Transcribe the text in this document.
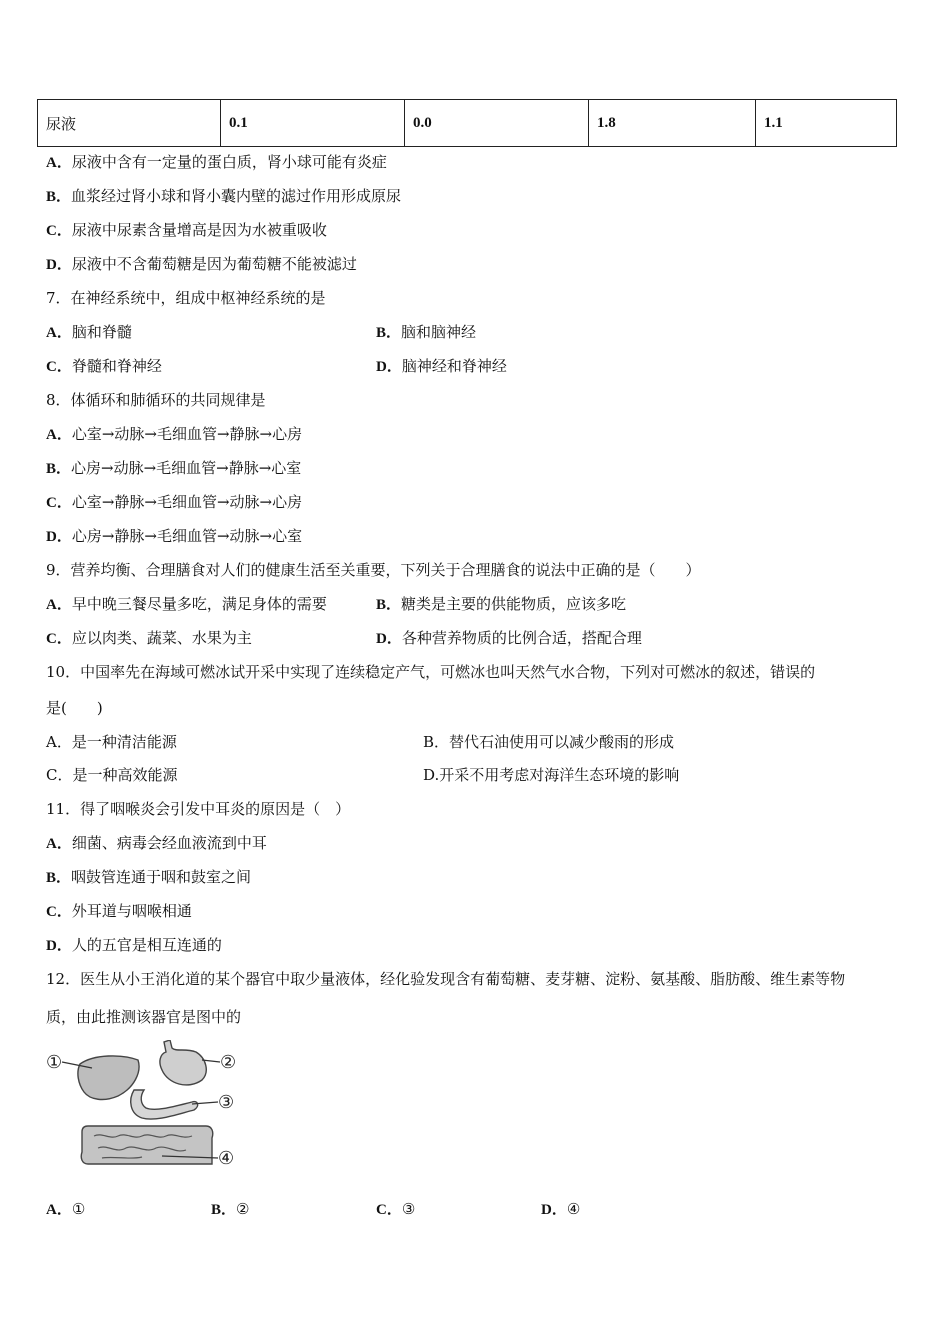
尿液	0.1	0.0	1.8	1.1
A．尿液中含有一定量的蛋白质，肾小球可能有炎症
B．血浆经过肾小球和肾小囊内壁的滤过作用形成原尿
C．尿液中尿素含量增高是因为水被重吸收
D．尿液中不含葡萄糖是因为葡萄糖不能被滤过
7．在神经系统中，组成中枢神经系统的是
A．脑和脊髓	B．脑和脑神经
C．脊髓和脊神经	D．脑神经和脊神经
8．体循环和肺循环的共同规律是
A．心室→动脉→毛细血管→静脉→心房
B．心房→动脉→毛细血管→静脉→心室
C．心室→静脉→毛细血管→动脉→心房
D．心房→静脉→毛细血管→动脉→心室
9．营养均衡、合理膳食对人们的健康生活至关重要，下列关于合理膳食的说法中正确的是（　　）
A．早中晚三餐尽量多吃，满足身体的需要	B．糖类是主要的供能物质，应该多吃
C．应以肉类、蔬菜、水果为主	D．各种营养物质的比例合适，搭配合理
10．中国率先在海域可燃冰试开采中实现了连续稳定产气，可燃冰也叫天然气水合物，下列对可燃冰的叙述，错误的
是(　　)
A．是一种清洁能源	B．替代石油使用可以减少酸雨的形成
C．是一种高效能源	D.开采不用考虑对海洋生态环境的影响
11．得了咽喉炎会引发中耳炎的原因是（　）
A．细菌、病毒会经血液流到中耳
B．咽鼓管连通于咽和鼓室之间
C．外耳道与咽喉相通
D．人的五官是相互连通的
12．医生从小王消化道的某个器官中取少量液体，经化验发现含有葡萄糖、麦芽糖、淀粉、氨基酸、脂肪酸、维生素等物
质，由此推测该器官是图中的
①	②
③
④
A．①	B．②	C．③	D．④
